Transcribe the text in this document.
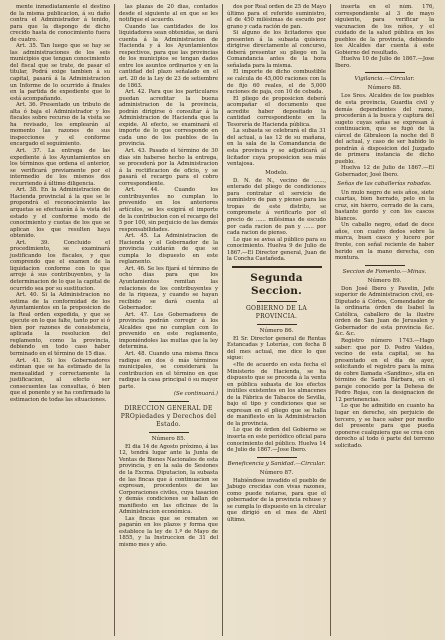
mente inmediatamente el destino de la misma publicacion, á su daño contra el Administrador á tenido, para que la dispongo de dicho crecido hasta de conocimiento fuera de cuatro.

Art. 35. Tan luego que se hay se las administraciones de los seis municipios que tengan conocimiento del fiscal que se trate, de pasar el titular, Podrá exige tambien á su capital, pasará á la Administracion un Informe de lo ocurrido á finales en la partida de expediente que lo está acompañando.

Art. 36. Presentado un tributo de alta ó baja el Administrador y los fiscales sobre recurso de la visita se ha revisado, los emplearán al momento las razones de sus inspecciones y el conforme encargado el seguimiento.

Art. 37. La entrega de las expediente á los Ayuntamientos en los términos que ordena el anterior, se verificará previamente por el intermedio de los mismos dos recurriendo á último diligencia.

Art. 38. En la Administracion de Hacienda provincial á la que se le propondrá el reconocimiento las arquetas se efectuarán á la vista del estado y el conforme modo de conocimiento y cuotas de los que se aplican los que resulten haya obtenido.

Art. 39. Concluido el procedimiento, se examinará justificando los fiscales, y que comprendo que el examen de la liquidacion conforme con lo que arroje á sus contribuyentes, y la determinacion de lo que la capital de ocurrido sea por su sustitucion.

Art. 40. Si la Administracion no estima de la conformidad de los Ayuntamientos en la proposicion de la Real orden expedida, y que se ejecute en lo que falte, tanto por si ó bien por razones de consistencia, aplicada la resolucion del reglamento, como la provincia, debiendo en todo caso haber terminado en el término de 15 dias.

Art. 41. Si los Gobernadores estiman que se ha estimado de la mensualidad y correctamente la justificacion, al efecto ser consecuentes las consultas, ó bien que el ponente y se ha confirmado la estimacion de todas las situaciones.

las plazas de 20 dias, contados desde el siguiente al en que se les notifique el acuerdo.

Cuando las cantidades de los liquidadores sean obtenidas, se dará cuenta á la Administracion de Hacienda y á los Ayuntamientos respectivos, para que las provincias de los municipios se tengan dados entre los asuntos ordinarios y en la cantidad del plazo señalado en el art. 20 de la Ley de 23 de setiembre de 1863.

Art. 42. Para que los particulares puedan acreditar la buena administracion de la provincia, podrán dirigirse ó consultar á la Administracion de Hacienda que la expide. Al efecto, se examinará el importe de lo que corresponde en cada uno de los pueblos de la provincia.

Art. 43. Pasado el término de 30 dias sin haberse hecho la entrega, se procederá por la Administracion á la rectificacion de oficio, y se pasará el recargo para el cobro correspondiente.

Art. 44. Cuando los contribuyentes no cumplan lo prevenido en los anteriores artículos, se les exigirá el importe de la contribucion con el recargo del 5 por 100, sin perjuicio de las demás responsabilidades.

Art. 45. La Administracion de Hacienda y el Gobernador de la provincia cuidarán de que se cumpla lo dispuesto en este reglamento.

Art. 46. Se les fijará el término de ocho dias para que los Ayuntamientos remitan las relaciones de los contribuyentes y de la riqueza, y cuando se hayan recibido se dará cuenta al Gobernador.

Art. 47. Los Gobernadores de provincia podrán corregir á los Alcaldes que no cumplan con lo prevenido en este reglamento, imponiéndoles las multas que la ley determina.

Art. 48. Cuando una misma finca radique en dos ó más términos municipales, se considerará la contribucion en el término en que radique la casa principal ó su mayor parte.

(Se continuará.)
DIRECCION GENERAL DE PROpiedades y Derechos del Estado.
Número 85.

El dia 14 de Agosto próximo, á las 12, tendrá lugar ante la Junta de Ventas de Bienes Nacionales de esta provincia, y en la sala de Sesiones de la Excma. Diputacion, la subasta de las fincas que á continuacion se expresan, procedentes de las Corporaciones civiles, cuya tasacion y demás condiciones se hallan de manifiesto en las oficinas de la Administracion económica.

Las fincas que se rematen se pagarán en los plazos y forma que establece la ley de 1.º de Mayo de 1855, y la Instruccion de 31 del mismo mes y año.

dos por Real orden de 25 de Mayo último para el referido suministro, el de 450 milésimas de escudo por grano y cada ración de pan.

Si alguno de los licitadores que presenten á la subasta quisiera dirigirse directamente al concurso, deberá presentar su pliego en la Comandancia antes de la hora señalada para la misma.

El importe de dicho combustible se calcula de 45,000 raciones con la de fijo 60 reales, el de 5,000 raciones de paja, con 10 de cebada.

El pliego de proposicion deberá acompañar el documento que acredite haber depositado la cantidad correspondiente en la Tesorería de Hacienda pública.

La subasta se celebrará el dia 31 del actual, a las 12 de su mañana, en la sala de la Comandancia de esta provincia y se adjudicará al licitador cuya proposicion sea más ventajosa.

Modelo.

D. N. de N., vecino de ......, enterado del pliego de condiciones para contratar el servicio de suministro de pan y pienso para las tropas de este distrito, se compromete á verificarlo por el precio de ...... milésimas de escudo por cada racion de pan y ...... por cada racion de pienso.

Lo que se avisa al público para su conocimiento. Huelva 9 de Julio de 1867.—El Director general, Juan de la Concha Castañeda.

Segunda Seccion.
GOBIERNO DE LA PROVINCIA.
Número 86.

El Sr. Director general de Rentas Estancadas y Loterías, con fecha 8 del mes actual, me dice lo que sigue:

«He de acuerdo en esta fecha el Ministerio de Hacienda, se ha dispuesto que se proceda á la venta en pública subasta de los efectos inútiles existentes en los almacenes de la Fábrica de Tabacos de Sevilla, bajo el tipo y condiciones que se expresan en el pliego que se halla de manifiesto en la Administracion de la provincia.

Lo que de órden del Gobierno se inserta en este periódico oficial para conocimiento del público. Huelva 14 de Julio de 1867.—Jose Ibero.

Beneficencia y Sanidad.—Circular.
Número 87.

Habiéndose invadido el pueblo de Jabugo crecidas con vivas razones, como puede notarse, para que el gobernador de la provincia rehuse y se cumpla lo dispuesto en la circular que dirigió en el mes de Abril último.

inserta en el núm. 176, correspondiente al 3 de mayo siguiente, para verificar la vacunacion de los niños, y el cuidado de la salud pública en los pueblos de la provincia, debiendo los Alcaldes dar cuenta á este Gobierno del resultado.

Huelva 10 de Julio de 1867.—Jose Ibero.

Vigilancia.—Circular.
Número 88.

Los Sres. Alcaldes de los pueblos de esta provincia, Guardia civil y demás dependientes del ramo, procederán á la busca y captura del sugeto cuyas señas se expresan á continuacion, que se fugó de la cárcel de Gibraleon la noche del 8 del actual, y caso de ser habido lo pondrán á disposicion del Juzgado de primera instancia de dicho pueblo.

Huelva 12 de Julio de 1867.—El Gobernador, José Ibero.

Señas de las caballerías robadas.

Un mulo negro de seis años, siete cuartas, bien herrado, pelo en la cruz, sin hierro, cerrado de la cara, bastante gordo y con los cascos blancos.

Un caballo negro, edad de doce años, con cuatro dedos sobre la marca, buen casco y lucero por frente, con señal reciente de haber herido en la mano derecha, con montura.

Seccion de Fomento.—Minas.
Número 89.

Don José Ibero y Pavelin, Jefe superior de Administracion civil, ex-Diputado á Córtes, Comendador de la ordinaria órden de Isabel la Católica, caballero de la ilustre órden de San Juan de Jerusalen y Gobernador de esta provincia &c. &c. &c.

Registro número 1743.—Hago saber: que por D. Pedro Valdes, vecino de esta capital, se ha presentado en el dia de ayer, solicitando el registro para la mina de cobre llamada «Sandino», sita en término de Santa Bárbara, en el paraje conocido por la Dehesa de Pedro Rojas, con la designacion de 12 pertenencias.

Lo que he admitido en cuanto ha lugar en derecho, sin perjuicio de tercero, y se hace saber por medio del presente para que pueda oponerse cualquiera que se crea con derecho al todo ó parte del terreno solicitado.
